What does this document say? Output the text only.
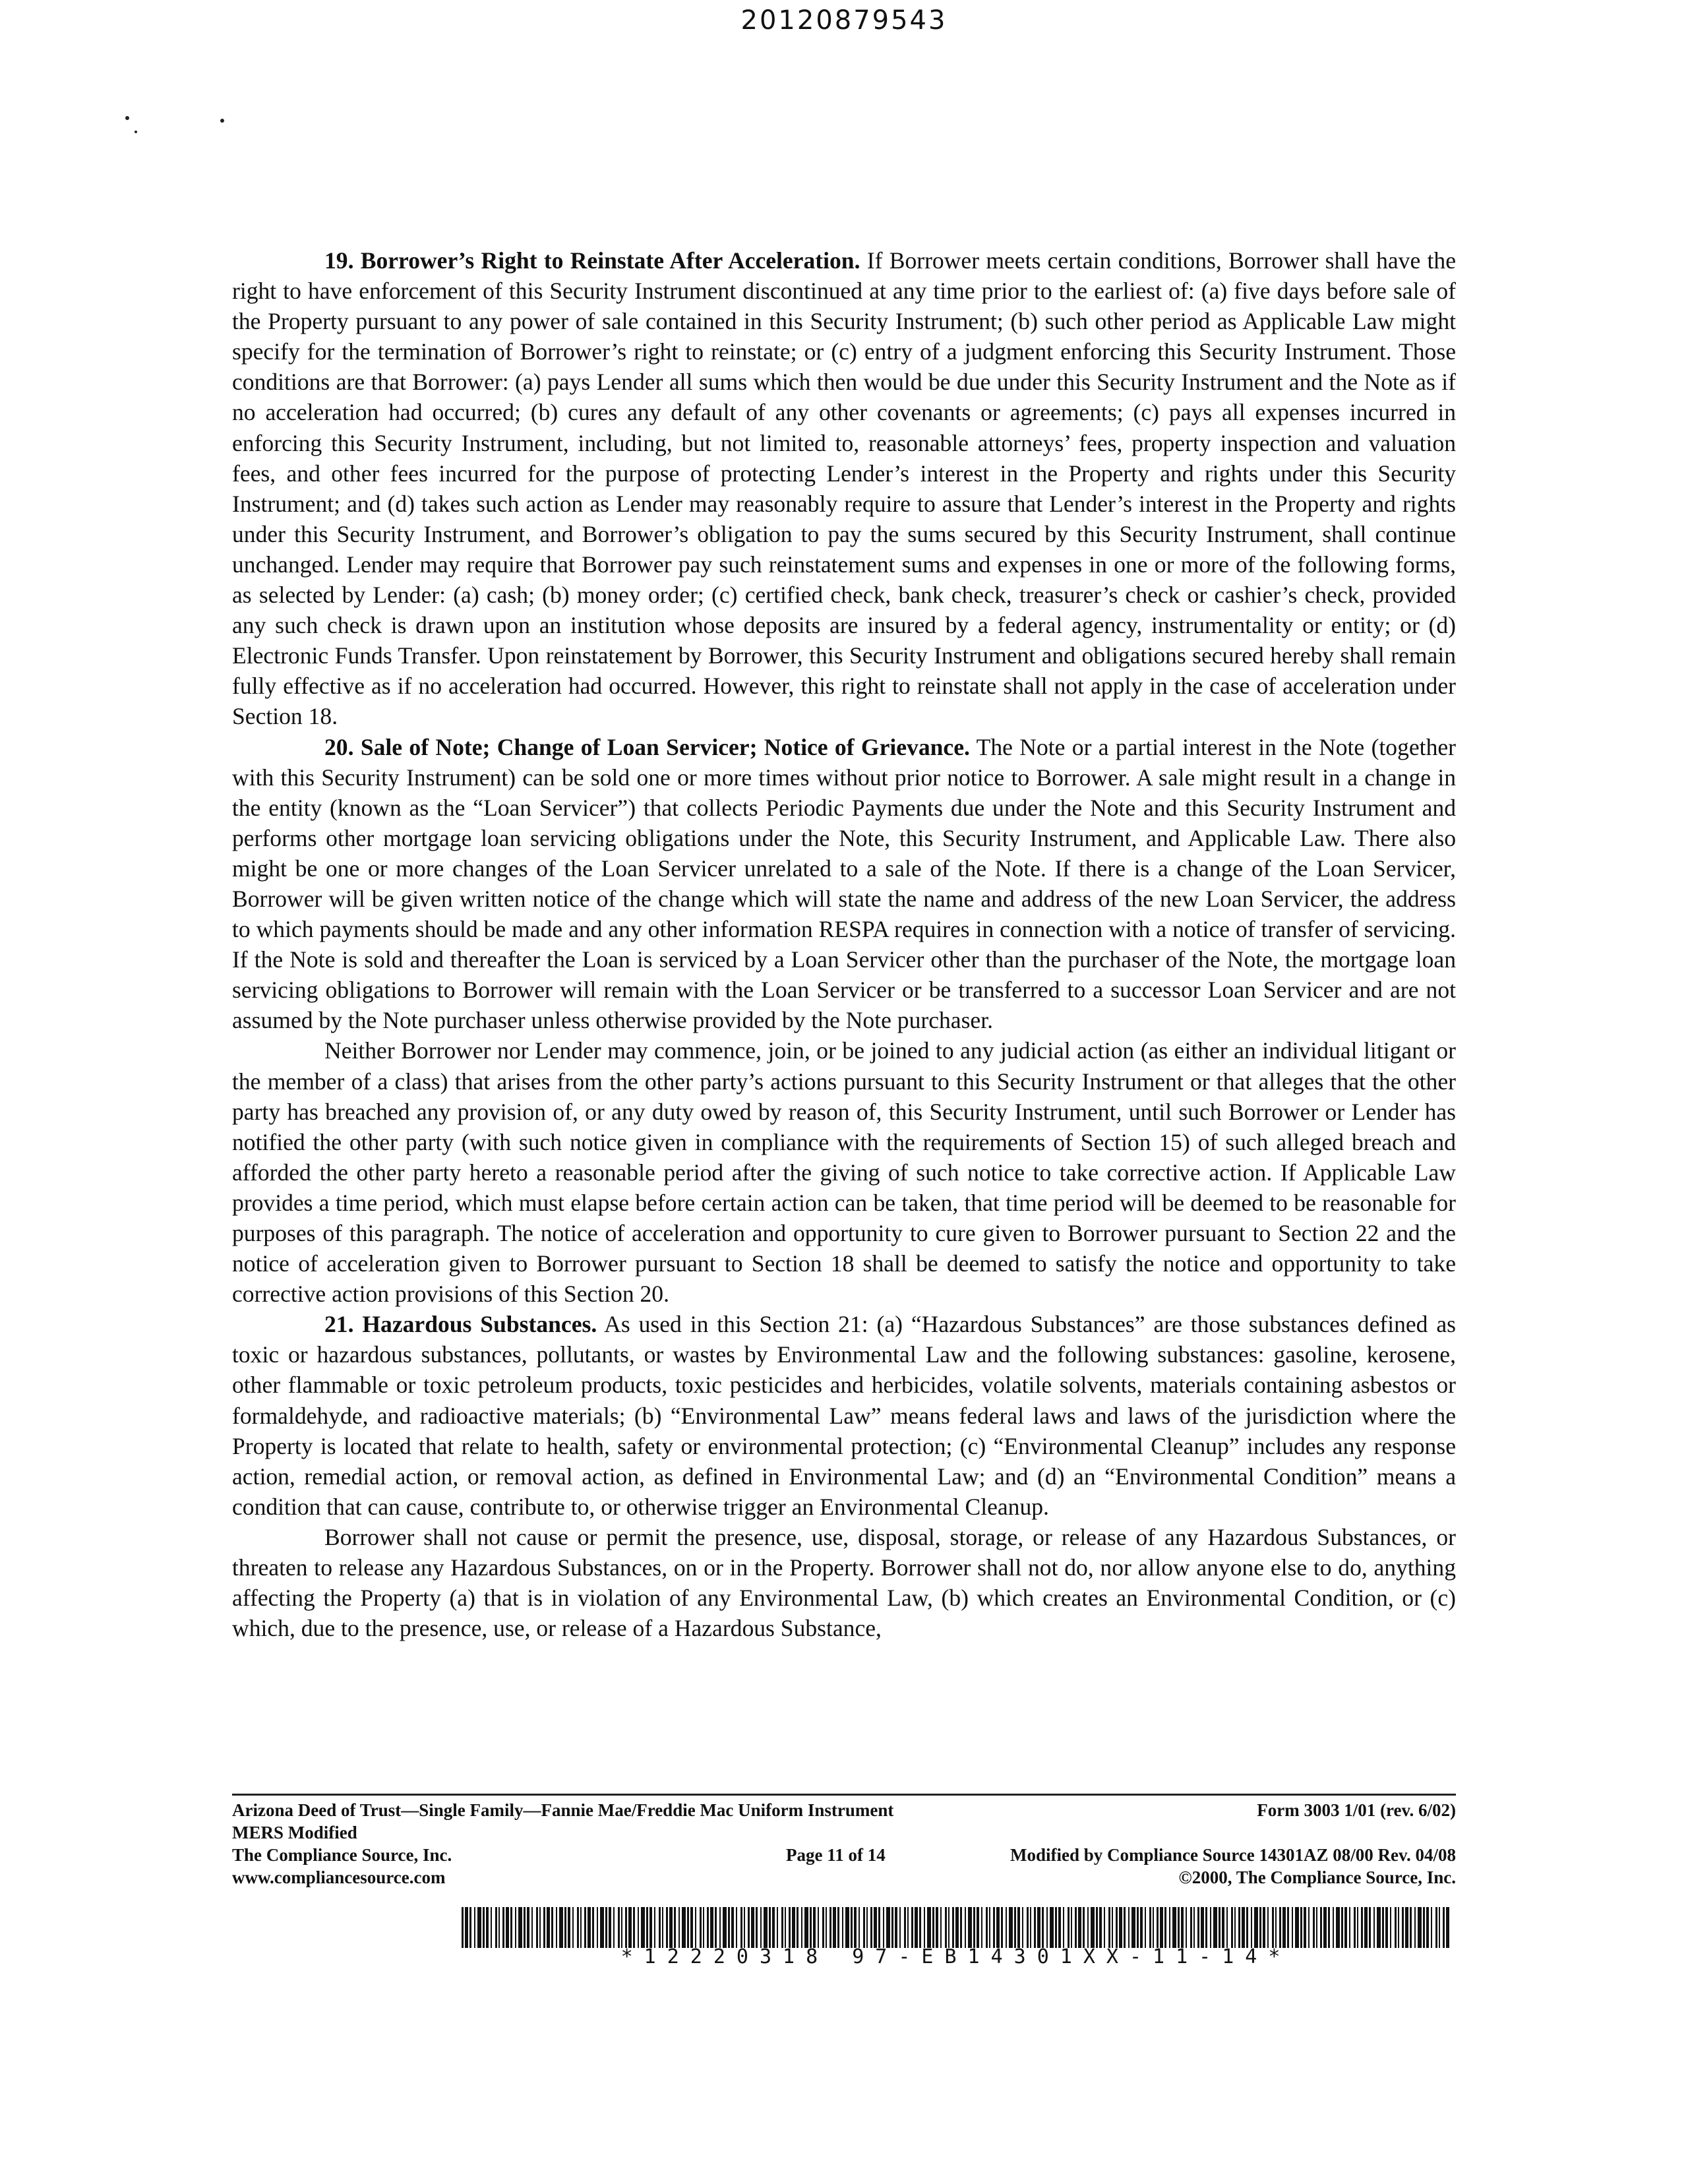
20120879543

19. Borrower’s Right to Reinstate After Acceleration. If Borrower meets certain conditions, Borrower shall have the right to have enforcement of this Security Instrument discontinued at any time prior to the earliest of: (a) five days before sale of the Property pursuant to any power of sale contained in this Security Instrument; (b) such other period as Applicable Law might specify for the termination of Borrower’s right to reinstate; or (c) entry of a judgment enforcing this Security Instrument. Those conditions are that Borrower: (a) pays Lender all sums which then would be due under this Security Instrument and the Note as if no acceleration had occurred; (b) cures any default of any other covenants or agreements; (c) pays all expenses incurred in enforcing this Security Instrument, including, but not limited to, reasonable attorneys’ fees, property inspection and valuation fees, and other fees incurred for the purpose of protecting Lender’s interest in the Property and rights under this Security Instrument; and (d) takes such action as Lender may reasonably require to assure that Lender’s interest in the Property and rights under this Security Instrument, and Borrower’s obligation to pay the sums secured by this Security Instrument, shall continue unchanged. Lender may require that Borrower pay such reinstatement sums and expenses in one or more of the following forms, as selected by Lender: (a) cash; (b) money order; (c) certified check, bank check, treasurer’s check or cashier’s check, provided any such check is drawn upon an institution whose deposits are insured by a federal agency, instrumentality or entity; or (d) Electronic Funds Transfer. Upon reinstatement by Borrower, this Security Instrument and obligations secured hereby shall remain fully effective as if no acceleration had occurred. However, this right to reinstate shall not apply in the case of acceleration under Section 18.

20. Sale of Note; Change of Loan Servicer; Notice of Grievance. The Note or a partial interest in the Note (together with this Security Instrument) can be sold one or more times without prior notice to Borrower. A sale might result in a change in the entity (known as the “Loan Servicer”) that collects Periodic Payments due under the Note and this Security Instrument and performs other mortgage loan servicing obligations under the Note, this Security Instrument, and Applicable Law. There also might be one or more changes of the Loan Servicer unrelated to a sale of the Note. If there is a change of the Loan Servicer, Borrower will be given written notice of the change which will state the name and address of the new Loan Servicer, the address to which payments should be made and any other information RESPA requires in connection with a notice of transfer of servicing. If the Note is sold and thereafter the Loan is serviced by a Loan Servicer other than the purchaser of the Note, the mortgage loan servicing obligations to Borrower will remain with the Loan Servicer or be transferred to a successor Loan Servicer and are not assumed by the Note purchaser unless otherwise provided by the Note purchaser.

Neither Borrower nor Lender may commence, join, or be joined to any judicial action (as either an individual litigant or the member of a class) that arises from the other party’s actions pursuant to this Security Instrument or that alleges that the other party has breached any provision of, or any duty owed by reason of, this Security Instrument, until such Borrower or Lender has notified the other party (with such notice given in compliance with the requirements of Section 15) of such alleged breach and afforded the other party hereto a reasonable period after the giving of such notice to take corrective action. If Applicable Law provides a time period, which must elapse before certain action can be taken, that time period will be deemed to be reasonable for purposes of this paragraph. The notice of acceleration and opportunity to cure given to Borrower pursuant to Section 22 and the notice of acceleration given to Borrower pursuant to Section 18 shall be deemed to satisfy the notice and opportunity to take corrective action provisions of this Section 20.

21. Hazardous Substances. As used in this Section 21: (a) “Hazardous Substances” are those substances defined as toxic or hazardous substances, pollutants, or wastes by Environmental Law and the following substances: gasoline, kerosene, other flammable or toxic petroleum products, toxic pesticides and herbicides, volatile solvents, materials containing asbestos or formaldehyde, and radioactive materials; (b) “Environmental Law” means federal laws and laws of the jurisdiction where the Property is located that relate to health, safety or environmental protection; (c) “Environmental Cleanup” includes any response action, remedial action, or removal action, as defined in Environmental Law; and (d) an “Environmental Condition” means a condition that can cause, contribute to, or otherwise trigger an Environmental Cleanup.

Borrower shall not cause or permit the presence, use, disposal, storage, or release of any Hazardous Substances, or threaten to release any Hazardous Substances, on or in the Property. Borrower shall not do, nor allow anyone else to do, anything affecting the Property (a) that is in violation of any Environmental Law, (b) which creates an Environmental Condition, or (c) which, due to the presence, use, or release of a Hazardous Substance,

Arizona Deed of Trust—Single Family—Fannie Mae/Freddie Mac Uniform Instrument	Form 3003 1/01 (rev. 6/02)
MERS Modified
The Compliance Source, Inc.	Page 11 of 14	Modified by Compliance Source 14301AZ 08/00 Rev. 04/08
www.compliancesource.com	©2000, The Compliance Source, Inc.
*12220318 97-EB14301XX-11-14*
